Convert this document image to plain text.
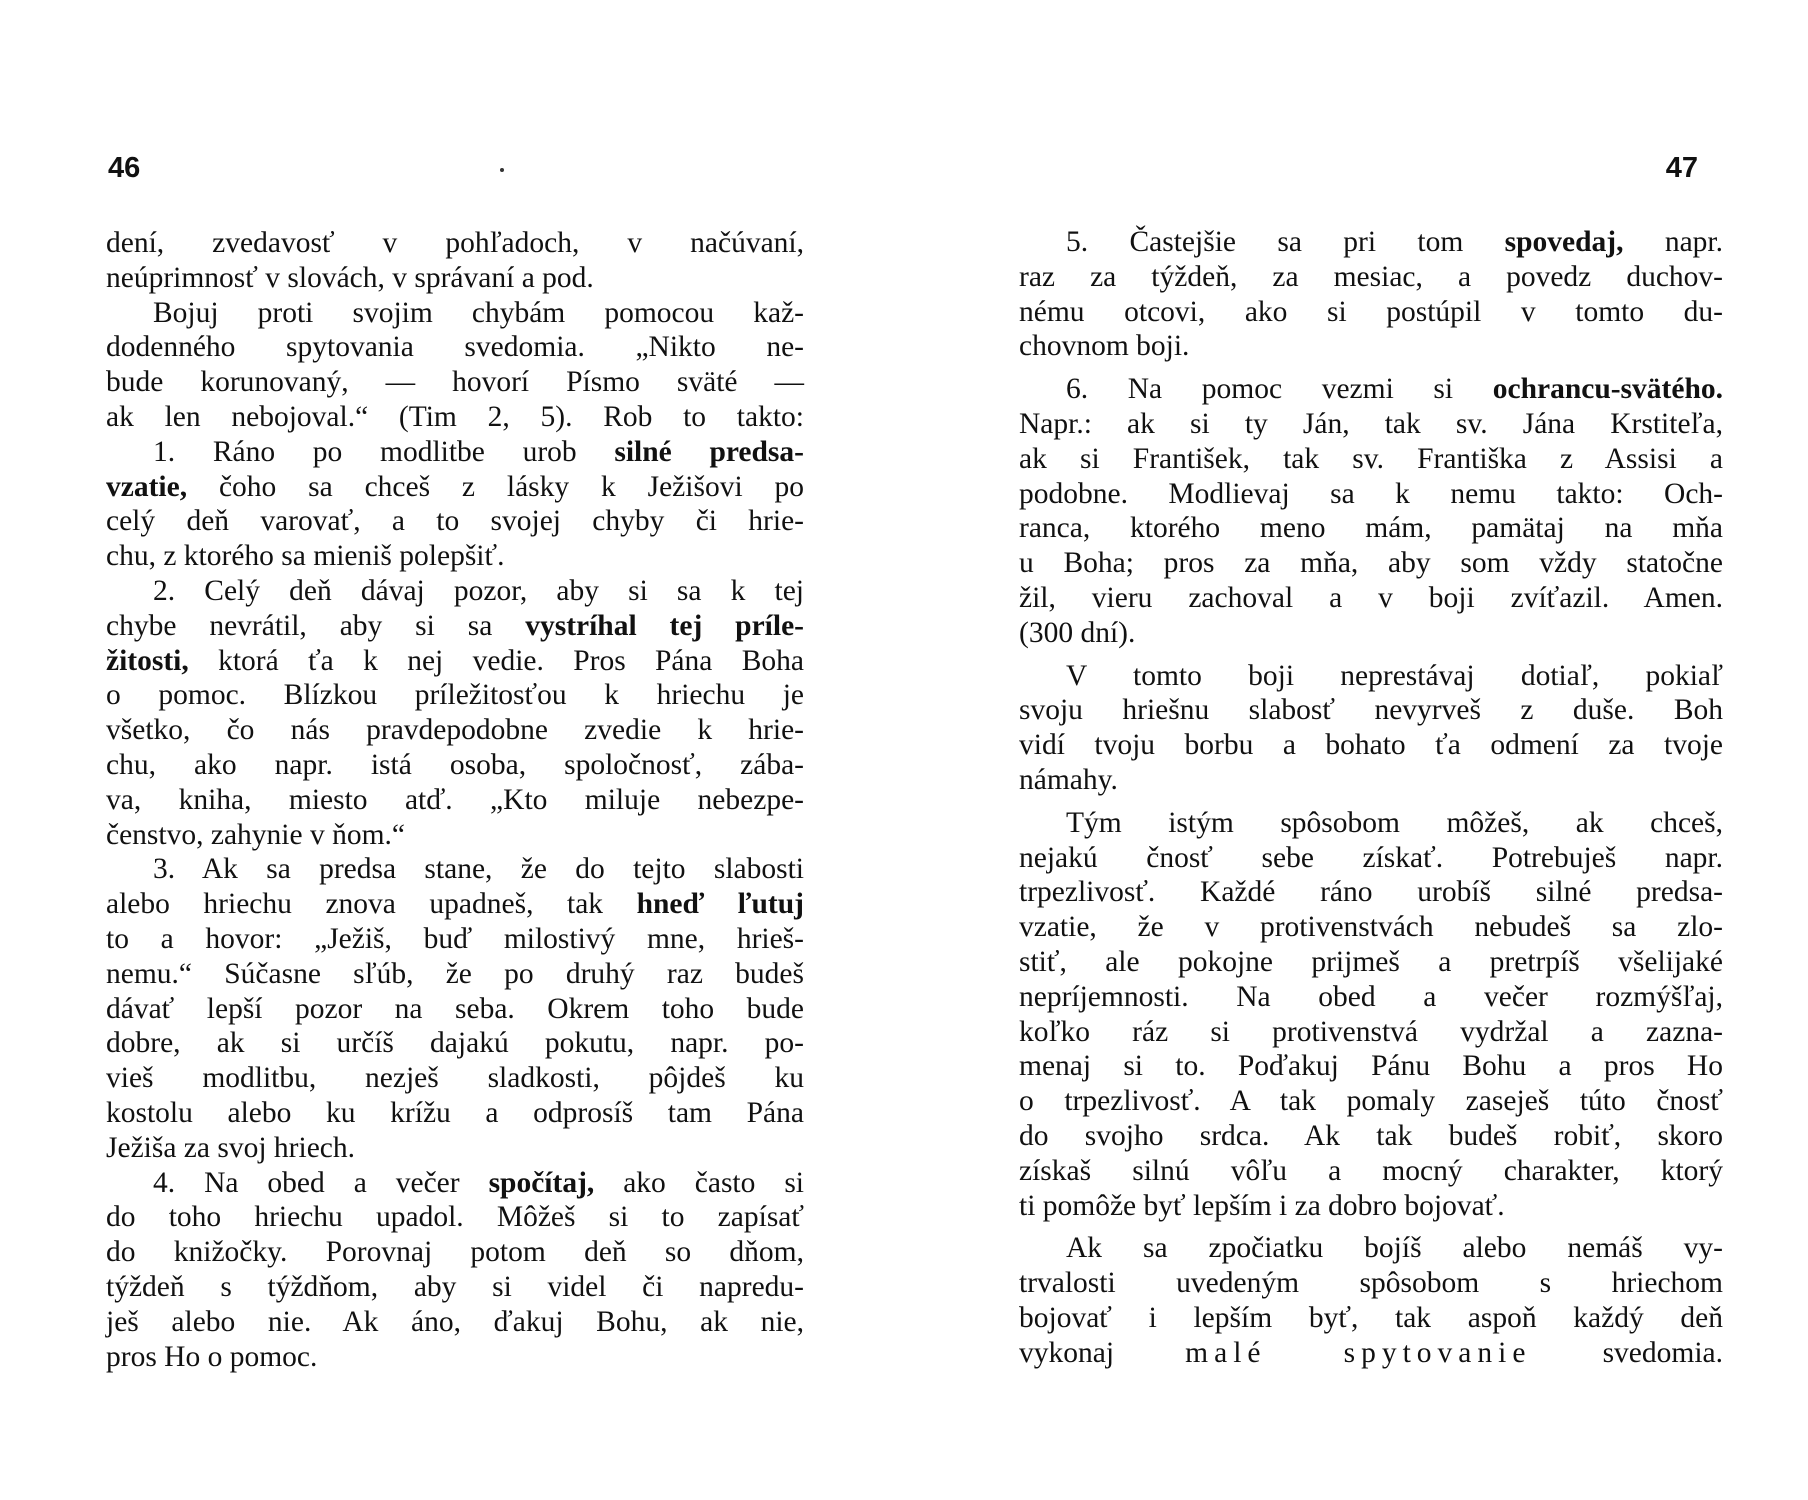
46
dení, zvedavosť v pohľadoch, v načúvaní,
neúprimnosť v slovách, v správaní a pod.
Bojuj proti svojim chybám pomocou kaž-
dodenného spytovania svedomia. „Nikto ne-
bude korunovaný, — hovorí Písmo sväté —
ak len nebojoval.“ (Tim 2, 5). Rob to takto:
1. Ráno po modlitbe urob silné predsa-
vzatie, čoho sa chceš z lásky k Ježišovi po
celý deň varovať, a to svojej chyby či hrie-
chu, z ktorého sa mieniš polepšiť.
2. Celý deň dávaj pozor, aby si sa k tej
chybe nevrátil, aby si sa vystríhal tej príle-
žitosti, ktorá ťa k nej vedie. Pros Pána Boha
o pomoc. Blízkou príležitosťou k hriechu je
všetko, čo nás pravdepodobne zvedie k hrie-
chu, ako napr. istá osoba, spoločnosť, zába-
va, kniha, miesto atď. „Kto miluje nebezpe-
čenstvo, zahynie v ňom.“
3. Ak sa predsa stane, že do tejto slabosti
alebo hriechu znova upadneš, tak hneď ľutuj
to a hovor: „Ježiš, buď milostivý mne, hrieš-
nemu.“ Súčasne sľúb, že po druhý raz budeš
dávať lepší pozor na seba. Okrem toho bude
dobre, ak si určíš dajakú pokutu, napr. po-
vieš modlitbu, nezješ sladkosti, pôjdeš ku
kostolu alebo ku krížu a odprosíš tam Pána
Ježiša za svoj hriech.
4. Na obed a večer spočítaj, ako často si
do toho hriechu upadol. Môžeš si to zapísať
do knižočky. Porovnaj potom deň so dňom,
týždeň s týždňom, aby si videl či napredu-
ješ alebo nie. Ak áno, ďakuj Bohu, ak nie,
pros Ho o pomoc.
47
5. Častejšie sa pri tom spovedaj, napr.
raz za týždeň, za mesiac, a povedz duchov-
nému otcovi, ako si postúpil v tomto du-
chovnom boji.
6. Na pomoc vezmi si ochrancu-svätého.
Napr.: ak si ty Ján, tak sv. Jána Krstiteľa,
ak si František, tak sv. Františka z Assisi a
podobne. Modlievaj sa k nemu takto: Och-
ranca, ktorého meno mám, pamätaj na mňa
u Boha; pros za mňa, aby som vždy statočne
žil, vieru zachoval a v boji zvíťazil. Amen.
(300 dní).
V tomto boji neprestávaj dotiaľ, pokiaľ
svoju hriešnu slabosť nevyrveš z duše. Boh
vidí tvoju borbu a bohato ťa odmení za tvoje
námahy.
Tým istým spôsobom môžeš, ak chceš,
nejakú čnosť sebe získať. Potrebuješ napr.
trpezlivosť. Každé ráno urobíš silné predsa-
vzatie, že v protivenstvách nebudeš sa zlo-
stiť, ale pokojne prijmeš a pretrpíš všelijaké
nepríjemnosti. Na obed a večer rozmýšľaj,
koľko ráz si protivenstvá vydržal a zazna-
menaj si to. Poďakuj Pánu Bohu a pros Ho
o trpezlivosť. A tak pomaly zaseješ túto čnosť
do svojho srdca. Ak tak budeš robiť, skoro
získaš silnú vôľu a mocný charakter, ktorý
ti pomôže byť lepším i za dobro bojovať.
Ak sa zpočiatku bojíš alebo nemáš vy-
trvalosti uvedeným spôsobom s hriechom
bojovať i lepším byť, tak aspoň každý deň
vykonaj malé spytovanie svedomia.
